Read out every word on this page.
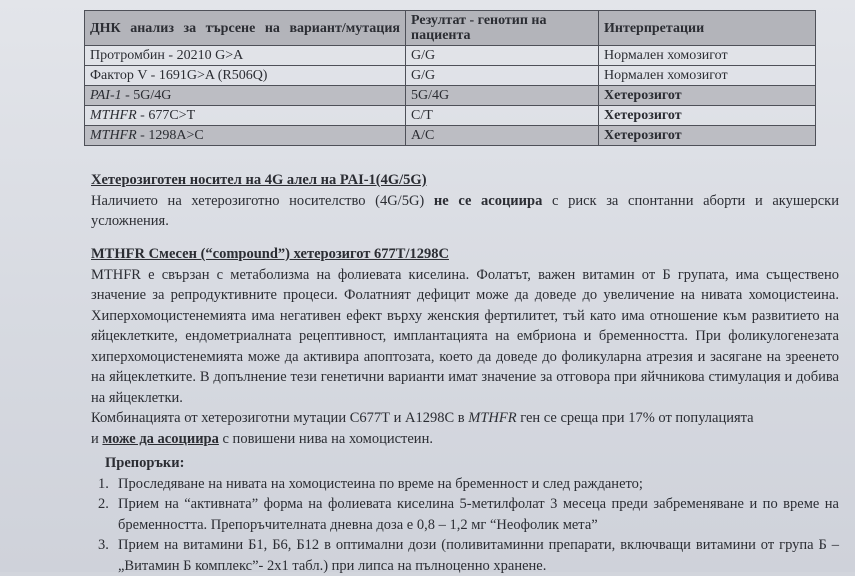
ДНК анализ за търсене на вариант/мутация	Резултат - генотип на пациента	Интерпретации
Протромбин - 20210 G>A	G/G	Нормален хомозигот
Фактор V - 1691G>A (R506Q)	G/G	Нормален хомозигот
PAI-1 - 5G/4G	5G/4G	Хетерозигот
MTHFR - 677C>T	C/T	Хетерозигот
MTHFR - 1298A>C	A/C	Хетерозигот
Хетерозиготен носител на 4G алел на PAI-1(4G/5G)
Наличието на хетерозиготно носителство (4G/5G) не се асоциира с риск за спонтанни аборти и акушерски усложнения.
MTHFR Смесен (“compound”) хетерозигот 677T/1298C
MTHFR е свързан с метаболизма на фолиевата киселина. Фолатът, важен витамин от Б групата, има съществено значение за репродуктивните процеси. Фолатният дефицит може да доведе до увеличение на нивата хомоцистеина. Хиперхомоцистенемията има негативен ефект върху женския фертилитет, тъй като има отношение към развитието на яйцеклетките, ендометриалната рецептивност, имплантацията на ембриона и бременността. При фоликулогенезата хиперхомоцистенемията може да активира апоптозата, което да доведе до фоликуларна атрезия и засягане на зреенето на яйцеклетките. В допълнение тези генетични варианти имат значение за отговора при яйчникова стимулация и добива на яйцеклетки.
Комбинацията от хетерозиготни мутации С677Т и А1298С в MTHFR ген се среща при 17% от популацията
и може да асоциира с повишени нива на хомоцистеин.
Препоръки:
1. Проследяване на нивата на хомоцистеина по време на бременност и след раждането;
2. Прием на “активната” форма на фолиевата киселина 5-метилфолат 3 месеца преди забременяване и по време на бременността. Препоръчителната дневна доза е 0,8 – 1,2 мг “Неофолик мета”
3. Прием на витамини Б1, Б6, Б12 в оптимални дози (поливитаминни препарати, включващи витамини от група Б – „Витамин Б комплекс”- 2х1 табл.) при липса на пълноценно хранене.
